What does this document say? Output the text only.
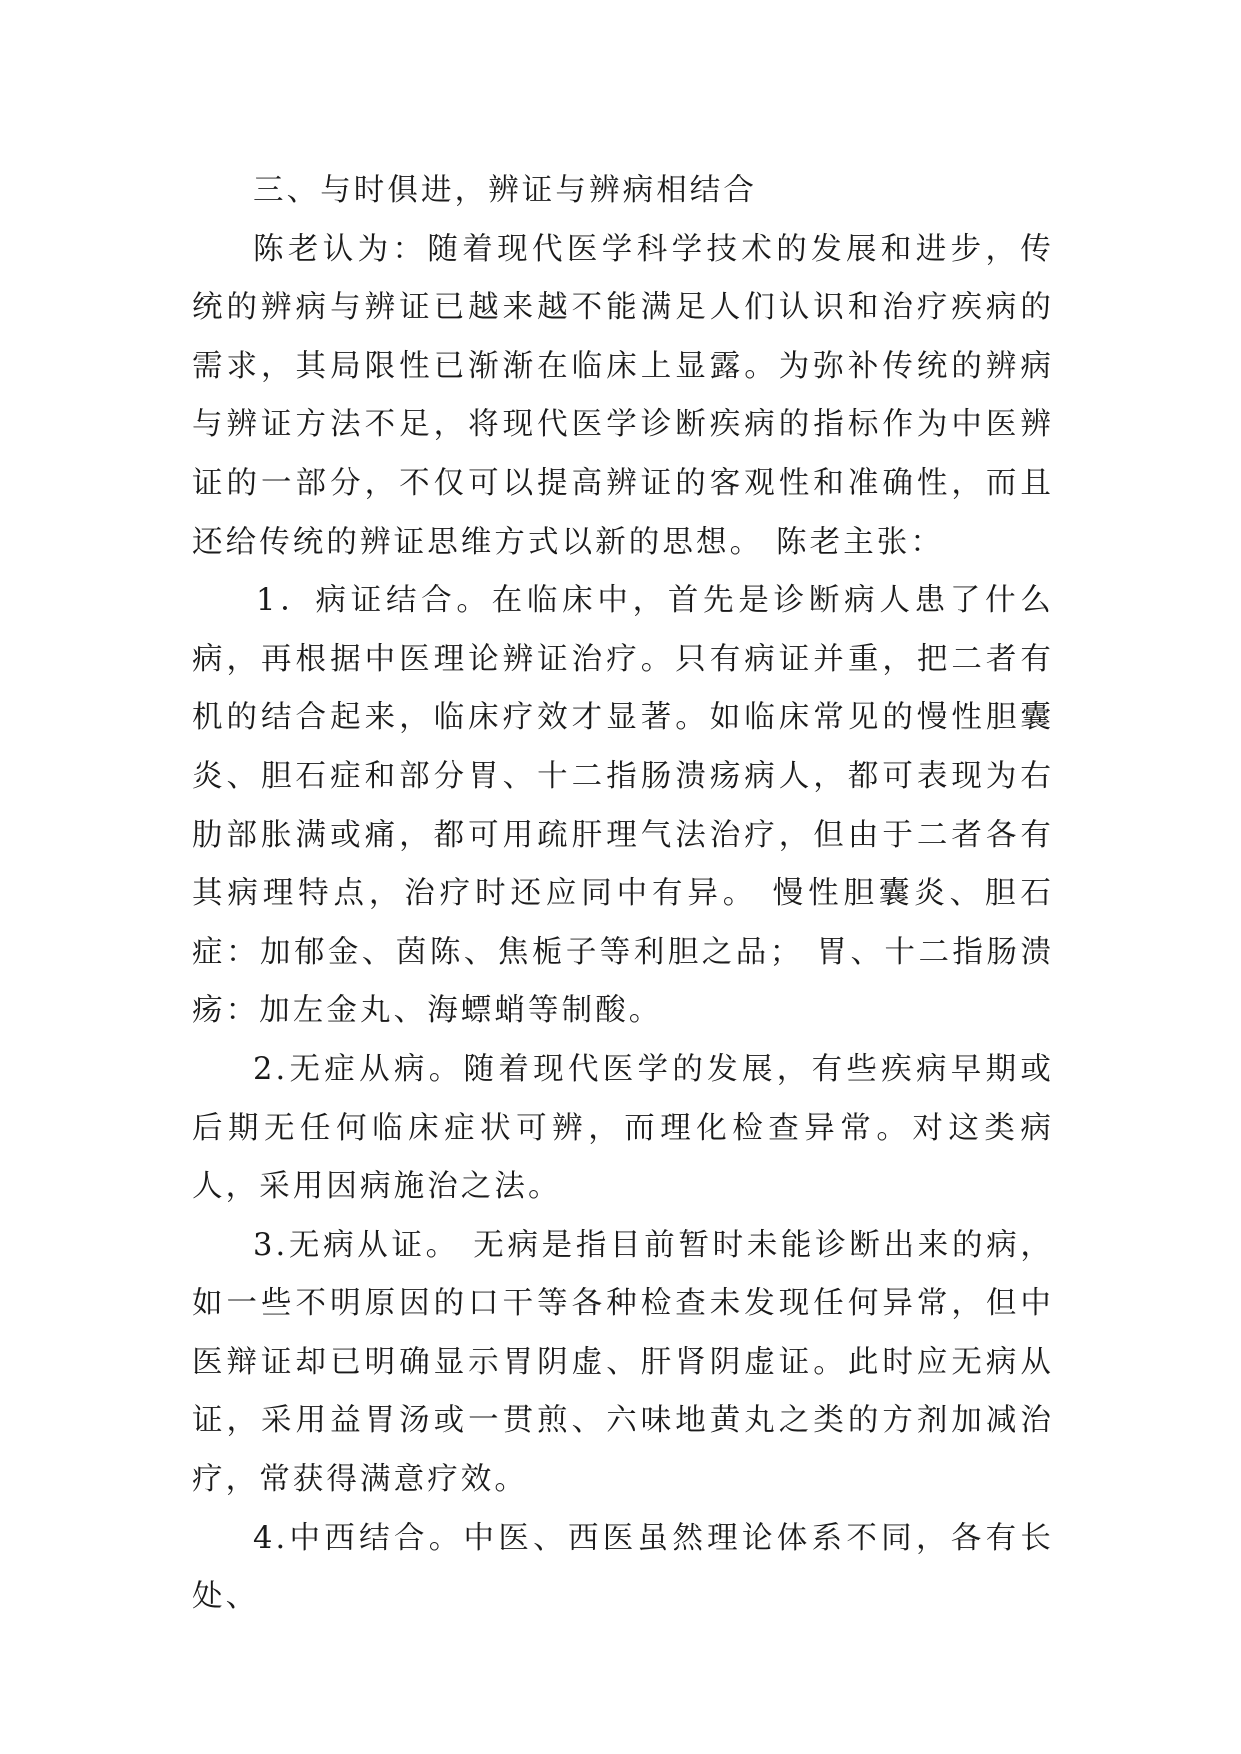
三、与时俱进，辨证与辨病相结合

陈老认为：随着现代医学科学技术的发展和进步，传统的辨病与辨证已越来越不能满足人们认识和治疗疾病的需求，其局限性已渐渐在临床上显露。为弥补传统的辨病与辨证方法不足，将现代医学诊断疾病的指标作为中医辨证的一部分，不仅可以提高辨证的客观性和准确性，而且还给传统的辨证思维方式以新的思想。 陈老主张：

1．病证结合。在临床中，首先是诊断病人患了什么病，再根据中医理论辨证治疗。只有病证并重，把二者有机的结合起来，临床疗效才显著。如临床常见的慢性胆囊炎、胆石症和部分胃、十二指肠溃疡病人，都可表现为右肋部胀满或痛，都可用疏肝理气法治疗，但由于二者各有其病理特点，治疗时还应同中有异。 慢性胆囊炎、胆石症：加郁金、茵陈、焦栀子等利胆之品； 胃、十二指肠溃疡：加左金丸、海螵蛸等制酸。

2.无症从病。随着现代医学的发展，有些疾病早期或后期无任何临床症状可辨，而理化检查异常。对这类病人，采用因病施治之法。

3.无病从证。 无病是指目前暂时未能诊断出来的病，如一些不明原因的口干等各种检查未发现任何异常，但中医辩证却已明确显示胃阴虚、肝肾阴虚证。此时应无病从证，采用益胃汤或一贯煎、六味地黄丸之类的方剂加减治疗，常获得满意疗效。

4.中西结合。中医、西医虽然理论体系不同，各有长处、
